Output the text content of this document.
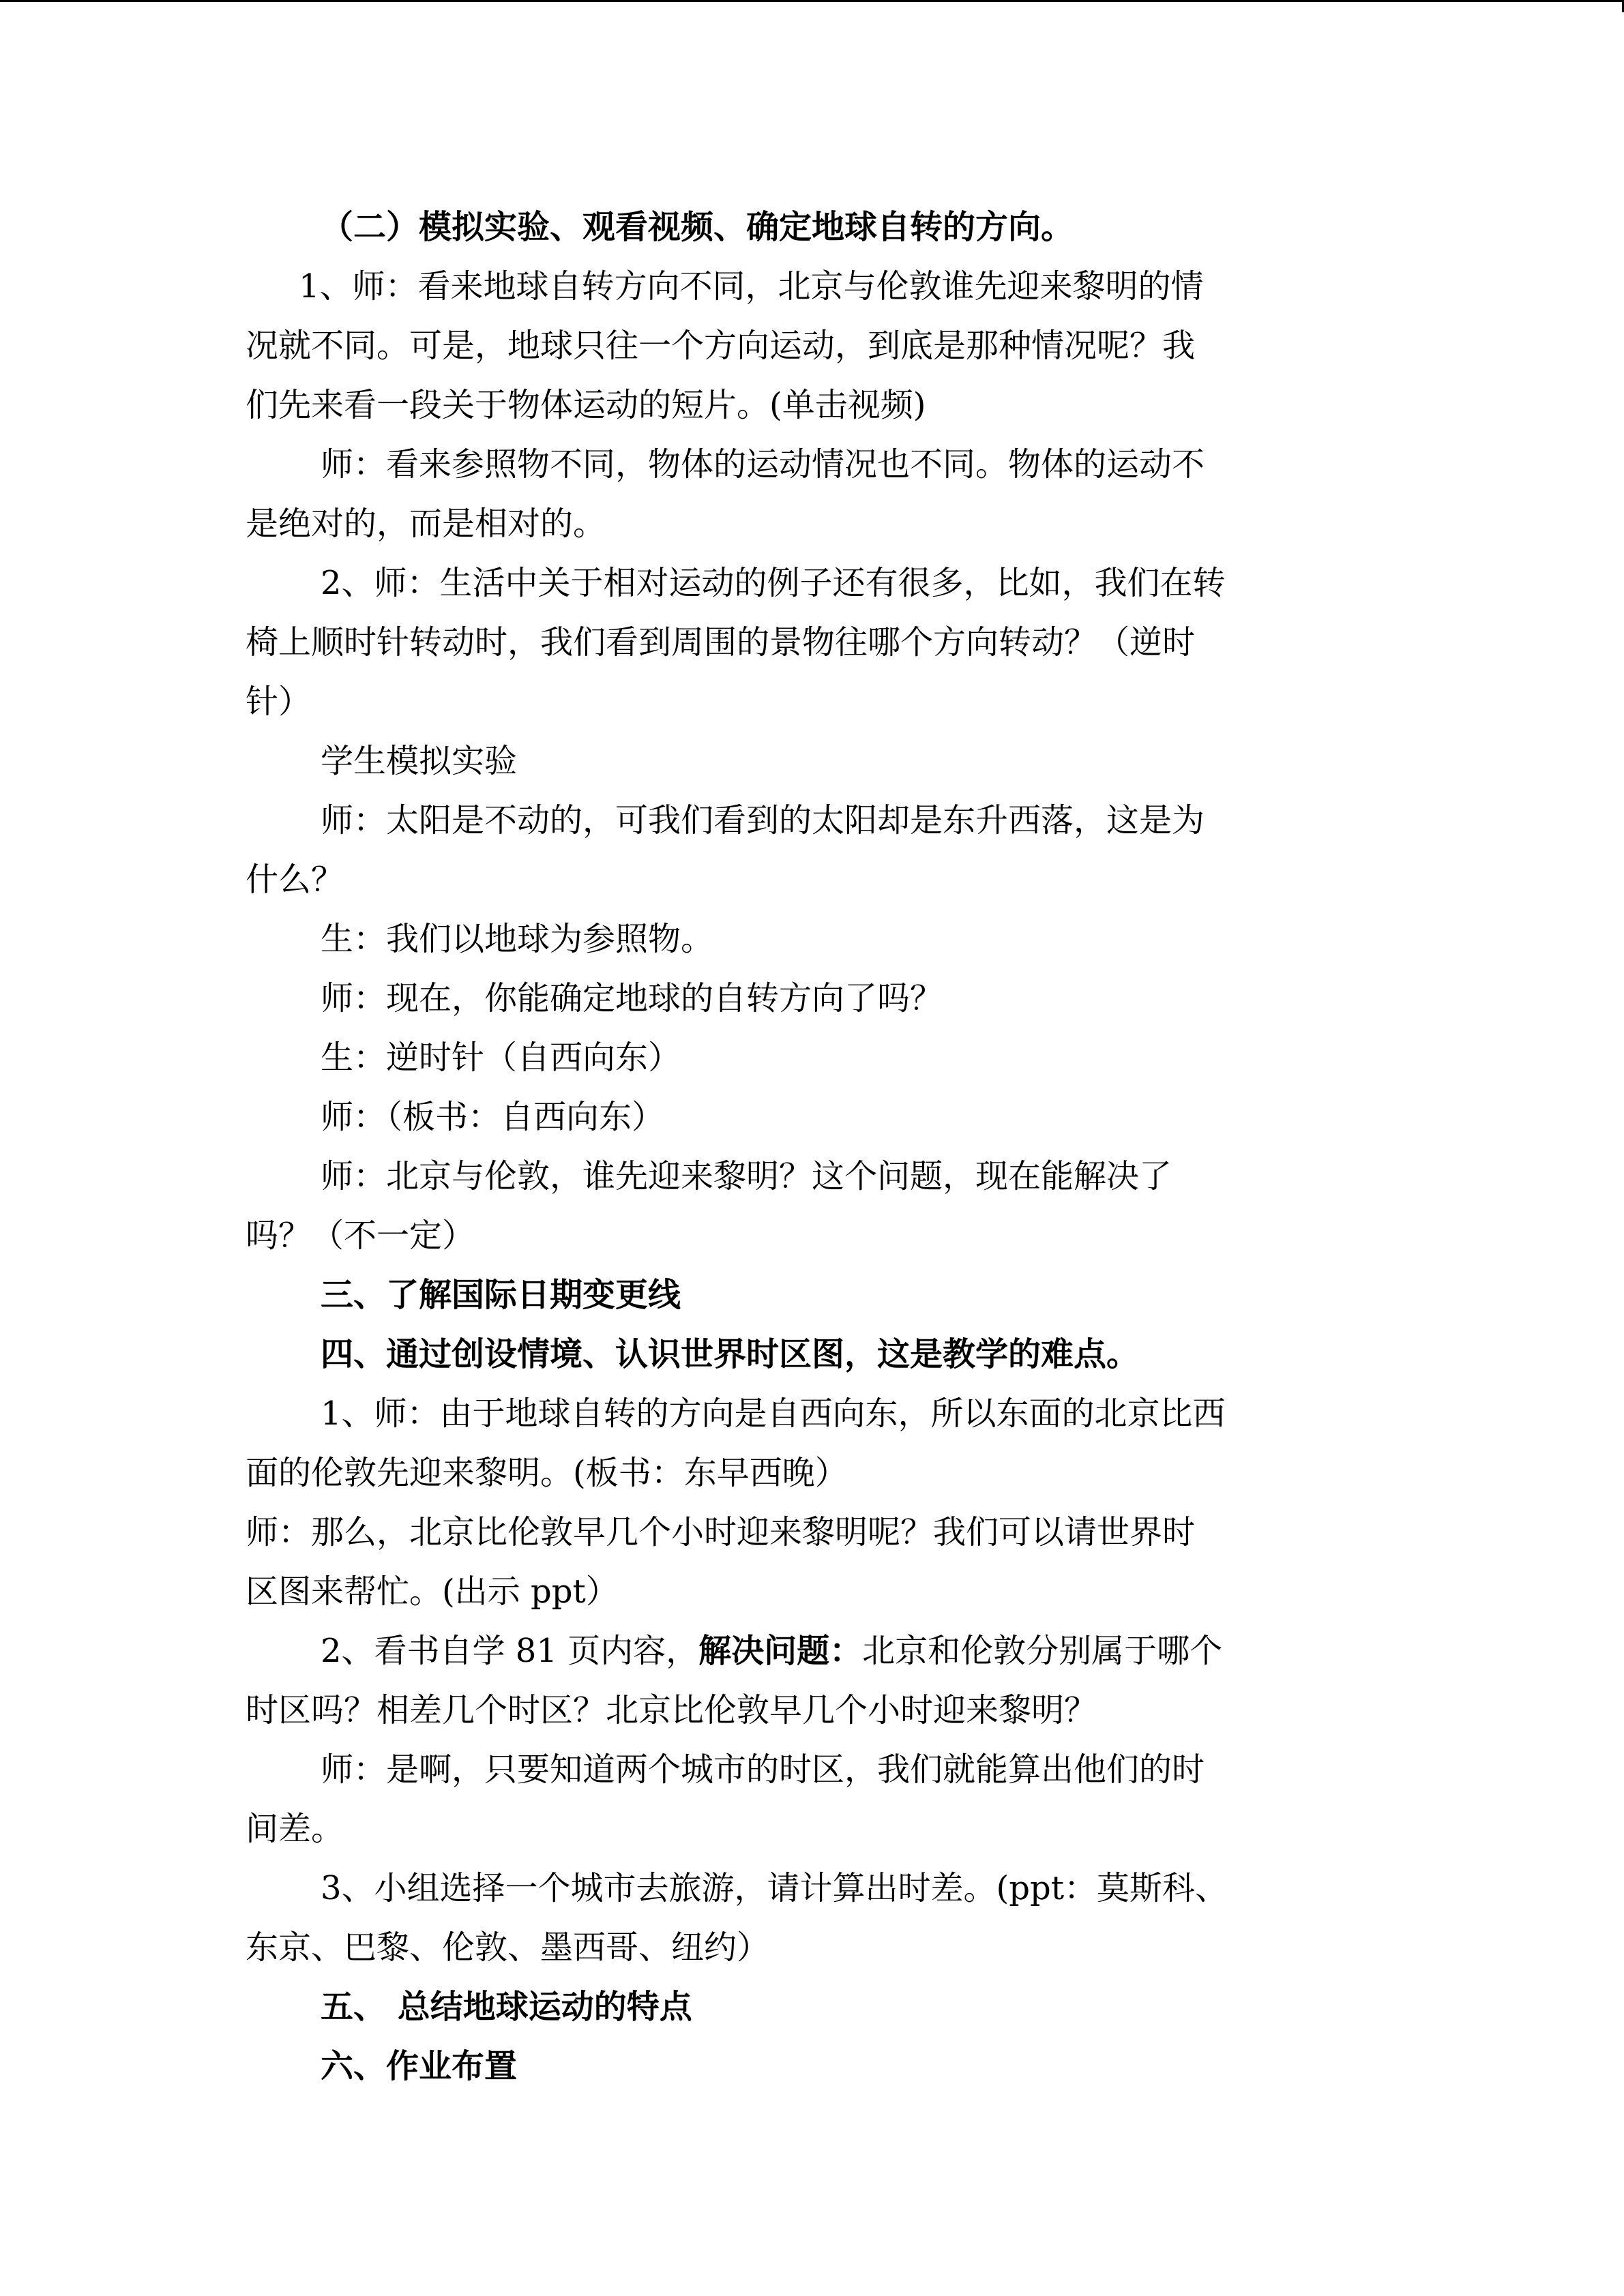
（二）模拟实验、观看视频、确定地球自转的方向。
1、师：看来地球自转方向不同，北京与伦敦谁先迎来黎明的情
况就不同。可是，地球只往一个方向运动，到底是那种情况呢？我
们先来看一段关于物体运动的短片。(单击视频)
师：看来参照物不同，物体的运动情况也不同。物体的运动不
是绝对的，而是相对的。
2、师：生活中关于相对运动的例子还有很多，比如，我们在转
椅上顺时针转动时，我们看到周围的景物往哪个方向转动？（逆时
针）
学生模拟实验
师：太阳是不动的，可我们看到的太阳却是东升西落，这是为
什么？
生：我们以地球为参照物。
师：现在，你能确定地球的自转方向了吗？
生：逆时针（自西向东）
师：（板书：自西向东）
师：北京与伦敦，谁先迎来黎明？这个问题，现在能解决了
吗？（不一定）
三、了解国际日期变更线
四、通过创设情境、认识世界时区图，这是教学的难点。
1、师：由于地球自转的方向是自西向东，所以东面的北京比西
面的伦敦先迎来黎明。(板书：东早西晚）
师：那么，北京比伦敦早几个小时迎来黎明呢？我们可以请世界时
区图来帮忙。(出示 ppt）
2、看书自学 81 页内容，解决问题：北京和伦敦分别属于哪个
时区吗？相差几个时区？北京比伦敦早几个小时迎来黎明？
师：是啊，只要知道两个城市的时区，我们就能算出他们的时
间差。
3、小组选择一个城市去旅游，请计算出时差。(ppt：莫斯科、
东京、巴黎、伦敦、墨西哥、纽约）
五、 总结地球运动的特点
六、作业布置
